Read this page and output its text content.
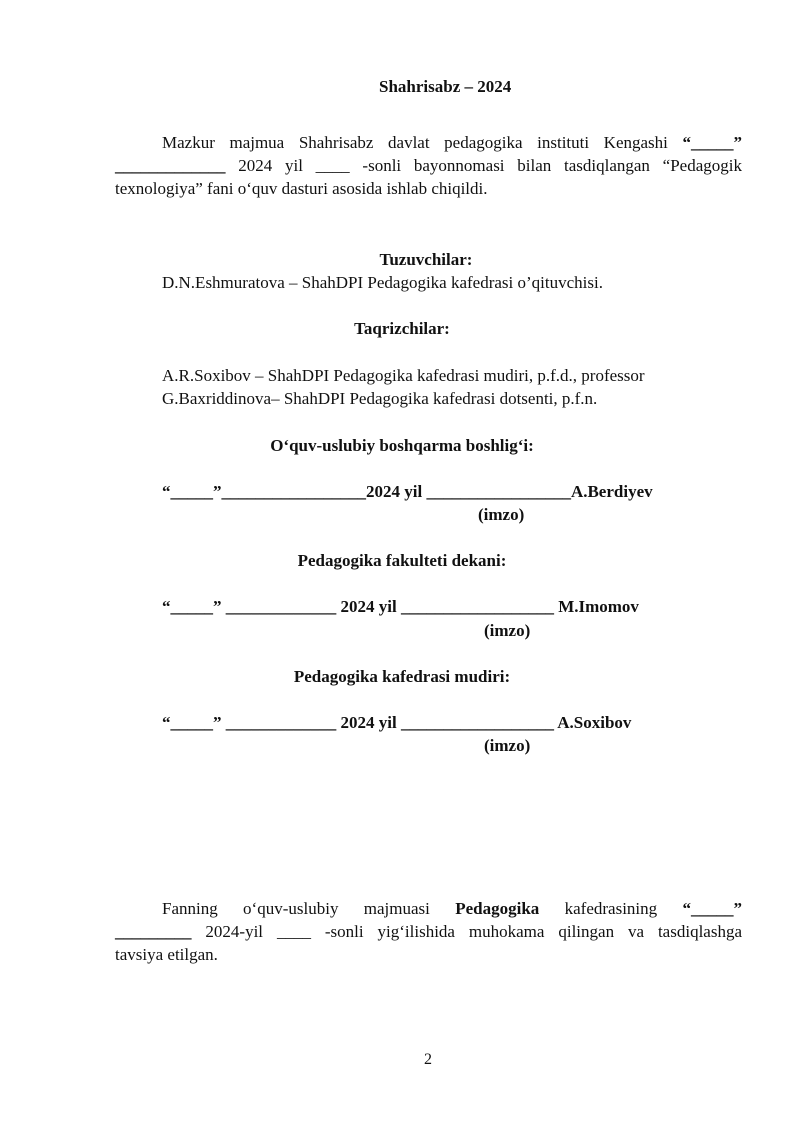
Shahrisabz – 2024
Mazkur majmua Shahrisabz davlat pedagogika instituti Kengashi “_____”
_____________ 2024 yil ____ -sonli bayonnomasi bilan tasdiqlangan “Pedagogik
texnologiya” fani o‘quv dasturi asosida ishlab chiqildi.
Tuzuvchilar:
D.N.Eshmuratova – ShahDPI Pedagogika kafedrasi o’qituvchisi.
Taqrizchilar:
A.R.Soxibov – ShahDPI Pedagogika kafedrasi mudiri, p.f.d., professor
G.Baxriddinova– ShahDPI Pedagogika kafedrasi dotsenti, p.f.n.
O‘quv-uslubiy boshqarma boshlig‘i:
“_____”_________________2024 yil _________________A.Berdiyev
(imzo)
Pedagogika fakulteti dekani:
“_____” _____________ 2024 yil __________________ M.Imomov
(imzo)
Pedagogika kafedrasi mudiri:
“_____” _____________ 2024 yil __________________ A.Soxibov
(imzo)
Fanning o‘quv-uslubiy majmuasi Pedagogika kafedrasining “_____”
_________ 2024-yil ____ -sonli yig‘ilishida muhokama qilingan va tasdiqlashga
tavsiya etilgan.
2
